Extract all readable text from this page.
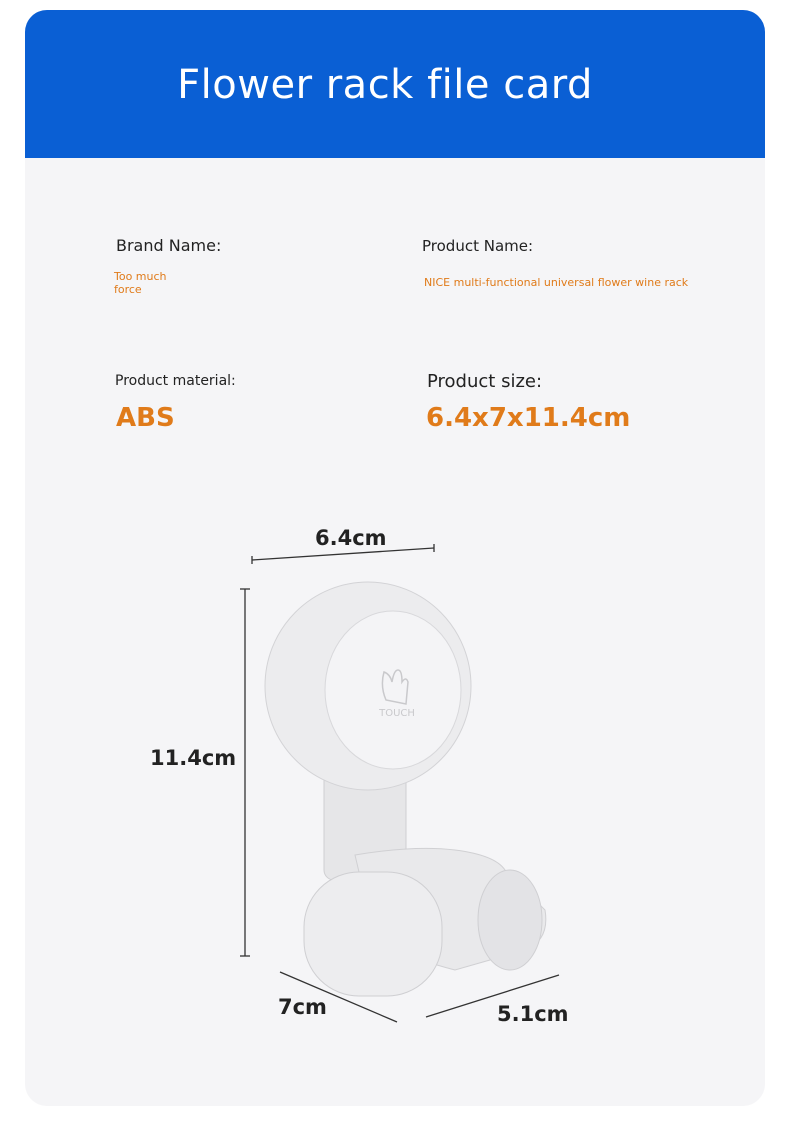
Flower rack file card
Brand Name:
Too much
force
Product Name:
NICE multi-functional universal flower wine rack
Product material:
ABS
Product size:
6.4x7x11.4cm
TOUCH
6.4cm
11.4cm
7cm	5.1cm
